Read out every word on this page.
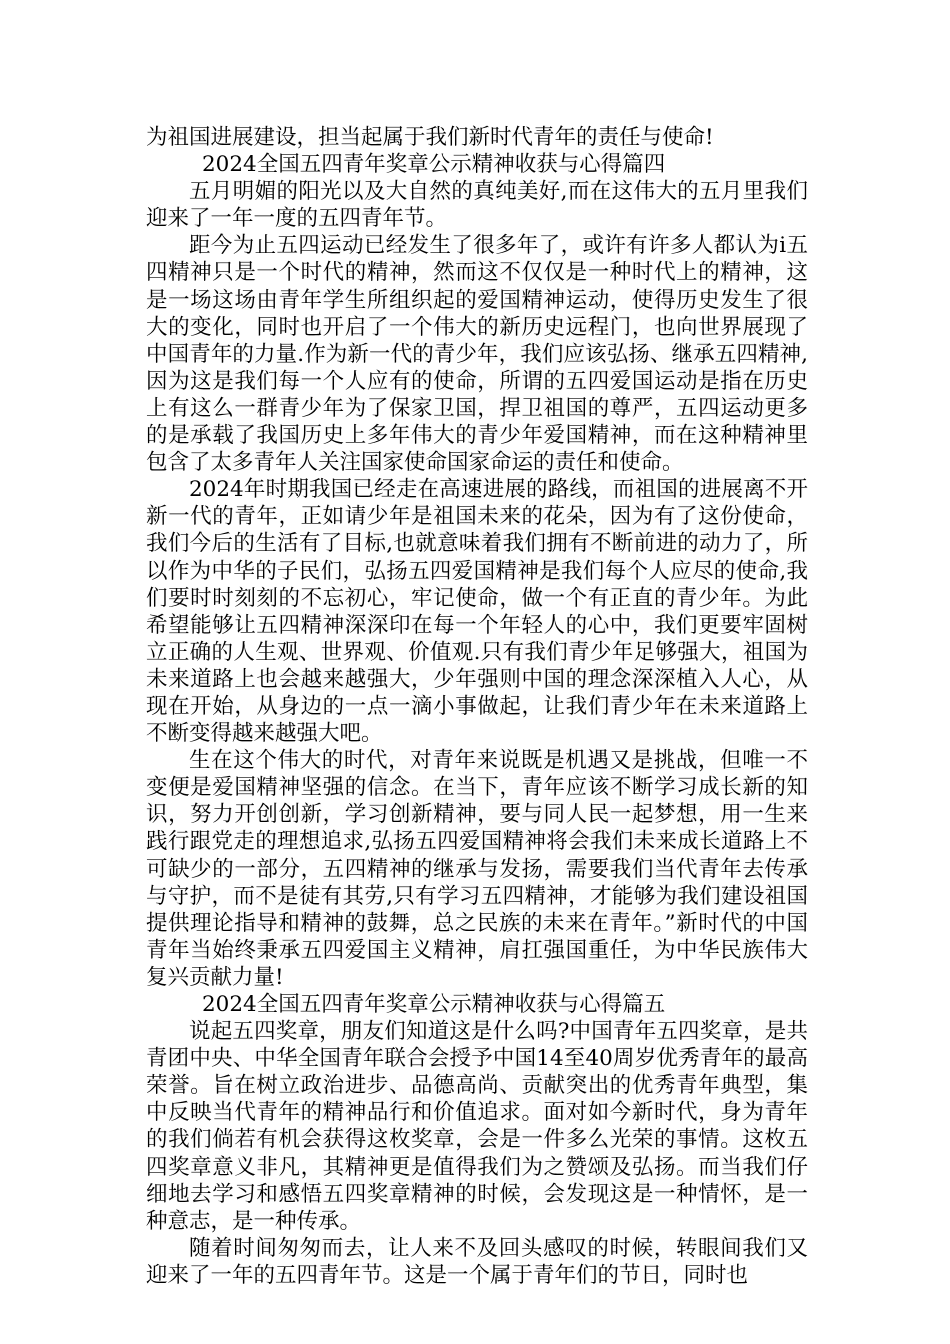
为祖国进展建设，担当起属于我们新时代青年的责任与使命!

2024全国五四青年奖章公示精神收获与心得篇四

五月明媚的阳光以及大自然的真纯美好,而在这伟大的五月里我们迎来了一年一度的五四青年节。

距今为止五四运动已经发生了很多年了，或许有许多人都认为i五四精神只是一个时代的精神，然而这不仅仅是一种时代上的精神，这是一场这场由青年学生所组织起的爱国精神运动，使得历史发生了很大的变化，同时也开启了一个伟大的新历史远程门，也向世界展现了中国青年的力量.作为新一代的青少年，我们应该弘扬、继承五四精神,因为这是我们每一个人应有的使命，所谓的五四爱国运动是指在历史上有这么一群青少年为了保家卫国，捍卫祖国的尊严，五四运动更多的是承载了我国历史上多年伟大的青少年爱国精神，而在这种精神里包含了太多青年人关注国家使命国家命运的责任和使命。

2024年时期我国已经走在高速进展的路线，而祖国的进展离不开新一代的青年，正如请少年是祖国未来的花朵，因为有了这份使命，我们今后的生活有了目标,也就意味着我们拥有不断前进的动力了，所以作为中华的子民们，弘扬五四爱国精神是我们每个人应尽的使命,我们要时时刻刻的不忘初心，牢记使命，做一个有正直的青少年。为此希望能够让五四精神深深印在每一个年轻人的心中，我们更要牢固树立正确的人生观、世界观、价值观.只有我们青少年足够强大，祖国为未来道路上也会越来越强大，少年强则中国的理念深深植入人心，从现在开始，从身边的一点一滴小事做起，让我们青少年在未来道路上不断变得越来越强大吧。

生在这个伟大的时代，对青年来说既是机遇又是挑战，但唯一不变便是爱国精神坚强的信念。在当下，青年应该不断学习成长新的知识，努力开创创新，学习创新精神，要与同人民一起梦想，用一生来践行跟党走的理想追求,弘扬五四爱国精神将会我们未来成长道路上不可缺少的一部分，五四精神的继承与发扬，需要我们当代青年去传承与守护，而不是徒有其劳,只有学习五四精神，才能够为我们建设祖国提供理论指导和精神的鼓舞，总之民族的未来在青年。”新时代的中国青年当始终秉承五四爱国主义精神，肩扛强国重任，为中华民族伟大复兴贡献力量!

2024全国五四青年奖章公示精神收获与心得篇五

说起五四奖章，朋友们知道这是什么吗?中国青年五四奖章，是共青团中央、中华全国青年联合会授予中国14至40周岁优秀青年的最高荣誉。旨在树立政治进步、品德高尚、贡献突出的优秀青年典型，集中反映当代青年的精神品行和价值追求。面对如今新时代，身为青年的我们倘若有机会获得这枚奖章，会是一件多么光荣的事情。这枚五四奖章意义非凡，其精神更是值得我们为之赞颂及弘扬。而当我们仔细地去学习和感悟五四奖章精神的时候，会发现这是一种情怀，是一种意志，是一种传承。

随着时间匆匆而去，让人来不及回头感叹的时候，转眼间我们又迎来了一年的五四青年节。这是一个属于青年们的节日，同时也
